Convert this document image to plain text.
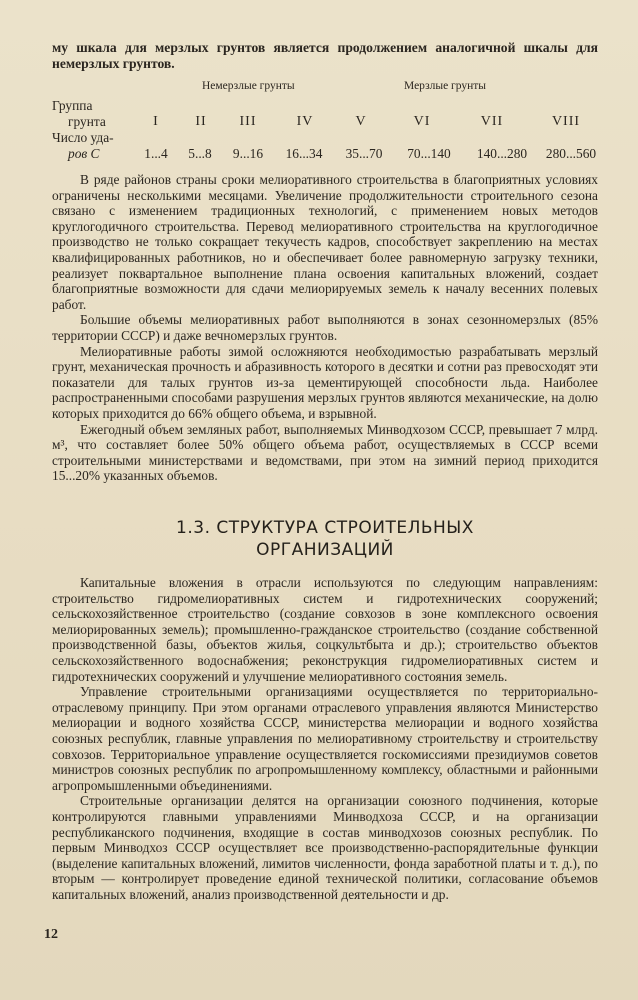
му шкала для мерзлых грунтов является продолжением аналогичной шкалы для немерзлых грунтов.

Немерзлые грунты	Мерзлые грунты
Группа
грунта	I	II	III	IV	V	VI	VII	VIII
Число уда-
ров С	1...4	5...8	9...16	16...34	35...70	70...140	140...280	280...560

В ряде районов страны сроки мелиоративного строительства в благоприятных условиях ограничены несколькими месяцами. Увеличение продолжительности строительного сезона связано с изменением традиционных технологий, с применением новых методов круглогодичного строительства. Перевод мелиоративного строительства на круглогодичное производство не только сокращает текучесть кадров, способствует закреплению на местах квалифицированных работников, но и обеспечивает более равномерную загрузку техники, реализует поквартальное выполнение плана освоения капитальных вложений, создает благоприятные возможности для сдачи мелиорируемых земель к началу весенних полевых работ.

Большие объемы мелиоративных работ выполняются в зонах сезонномерзлых (85% территории СССР) и даже вечномерзлых грунтов.

Мелиоративные работы зимой осложняются необходимостью разрабатывать мерзлый грунт, механическая прочность и абразивность которого в десятки и сотни раз превосходят эти показатели для талых грунтов из-за цементирующей способности льда. Наиболее распространенными способами разрушения мерзлых грунтов являются механические, на долю которых приходится до 66% общего объема, и взрывной.

Ежегодный объем земляных работ, выполняемых Минводхозом СССР, превышает 7 млрд. м³, что составляет более 50% общего объема работ, осуществляемых в СССР всеми строительными министерствами и ведомствами, при этом на зимний период приходится 15...20% указанных объемов.

1.3. СТРУКТУРА СТРОИТЕЛЬНЫХ
ОРГАНИЗАЦИЙ

Капитальные вложения в отрасли используются по следующим направлениям: строительство гидромелиоративных систем и гидротехнических сооружений; сельскохозяйственное строительство (создание совхозов в зоне комплексного освоения мелиорированных земель); промышленно-гражданское строительство (создание собственной производственной базы, объектов жилья, соцкультбыта и др.); строительство объектов сельскохозяйственного водоснабжения; реконструкция гидромелиоративных систем и гидротехнических сооружений и улучшение мелиоративного состояния земель.

Управление строительными организациями осуществляется по территориально-отраслевому принципу. При этом органами отраслевого управления являются Министерство мелиорации и водного хозяйства СССР, министерства мелиорации и водного хозяйства союзных республик, главные управления по мелиоративному строительству и строительству совхозов. Территориальное управление осуществляется госкомиссиями президиумов советов министров союзных республик по агропромышленному комплексу, областными и районными агропромышленными объединениями.

Строительные организации делятся на организации союзного подчинения, которые контролируются главными управлениями Минводхоза СССР, и на организации республиканского подчинения, входящие в состав минводхозов союзных республик. По первым Минводхоз СССР осуществляет все производственно-распорядительные функции (выделение капитальных вложений, лимитов численности, фонда заработной платы и т. д.), по вторым — контролирует проведение единой технической политики, согласование объемов капитальных вложений, анализ производственной деятельности и др.

12
